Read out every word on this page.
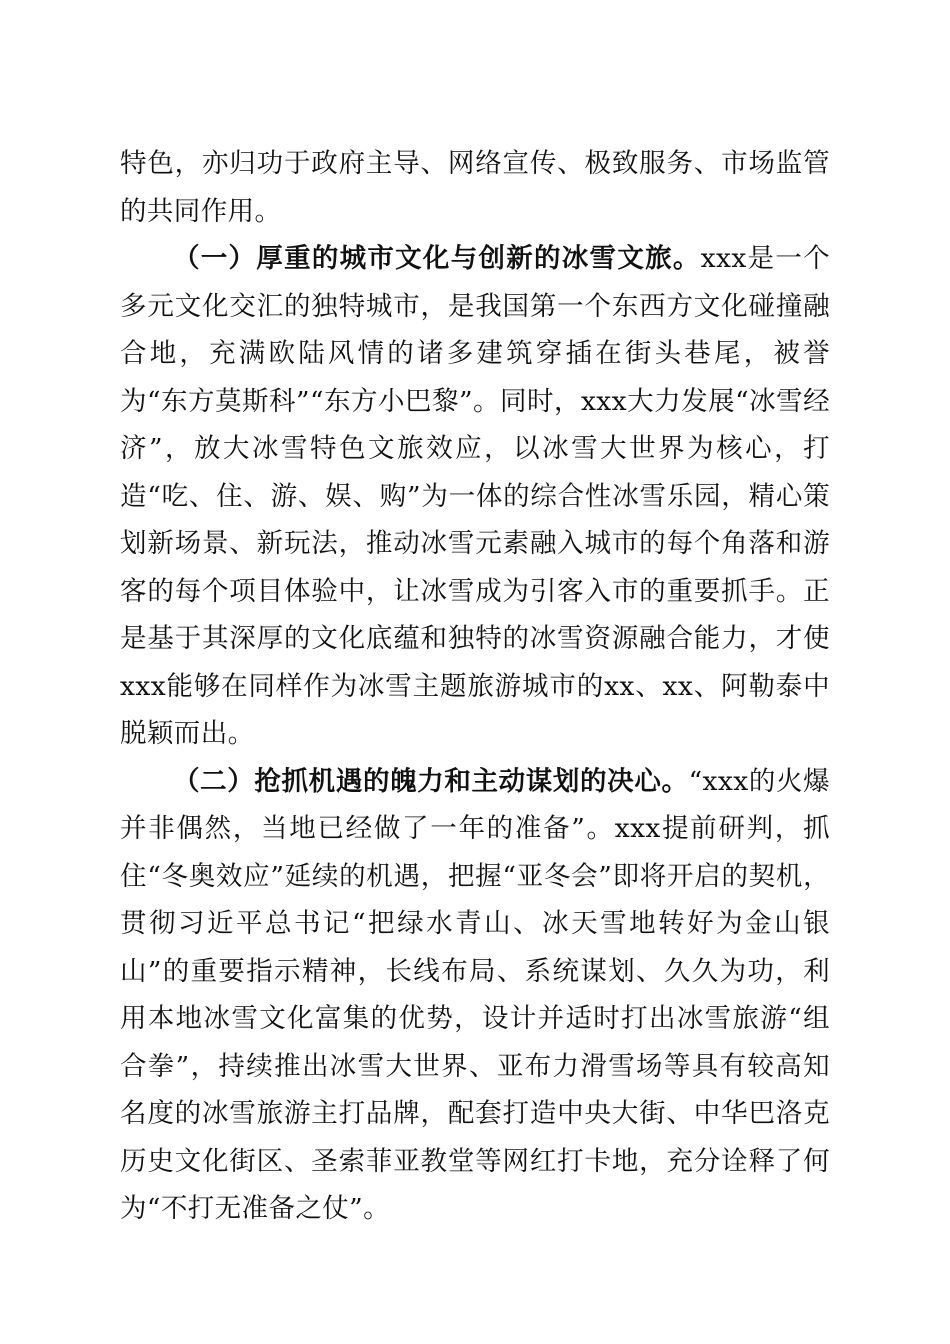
特色，亦归功于政府主导、网络宣传、极致服务、市场监管的共同作用。

（一）厚重的城市文化与创新的冰雪文旅。xxx是一个多元文化交汇的独特城市，是我国第一个东西方文化碰撞融合地，充满欧陆风情的诸多建筑穿插在街头巷尾，被誉为“东方莫斯科”“东方小巴黎”。同时，xxx大力发展“冰雪经济”，放大冰雪特色文旅效应，以冰雪大世界为核心，打造“吃、住、游、娱、购”为一体的综合性冰雪乐园，精心策划新场景、新玩法，推动冰雪元素融入城市的每个角落和游客的每个项目体验中，让冰雪成为引客入市的重要抓手。正是基于其深厚的文化底蕴和独特的冰雪资源融合能力，才使xxx能够在同样作为冰雪主题旅游城市的xx、xx、阿勒泰中脱颖而出。

（二）抢抓机遇的魄力和主动谋划的决心。“xxx的火爆并非偶然，当地已经做了一年的准备”。xxx提前研判，抓住“冬奥效应”延续的机遇，把握“亚冬会”即将开启的契机，贯彻习近平总书记“把绿水青山、冰天雪地转好为金山银山”的重要指示精神，长线布局、系统谋划、久久为功，利用本地冰雪文化富集的优势，设计并适时打出冰雪旅游“组合拳”，持续推出冰雪大世界、亚布力滑雪场等具有较高知名度的冰雪旅游主打品牌，配套打造中央大街、中华巴洛克历史文化街区、圣索菲亚教堂等网红打卡地，充分诠释了何为“不打无准备之仗”。
